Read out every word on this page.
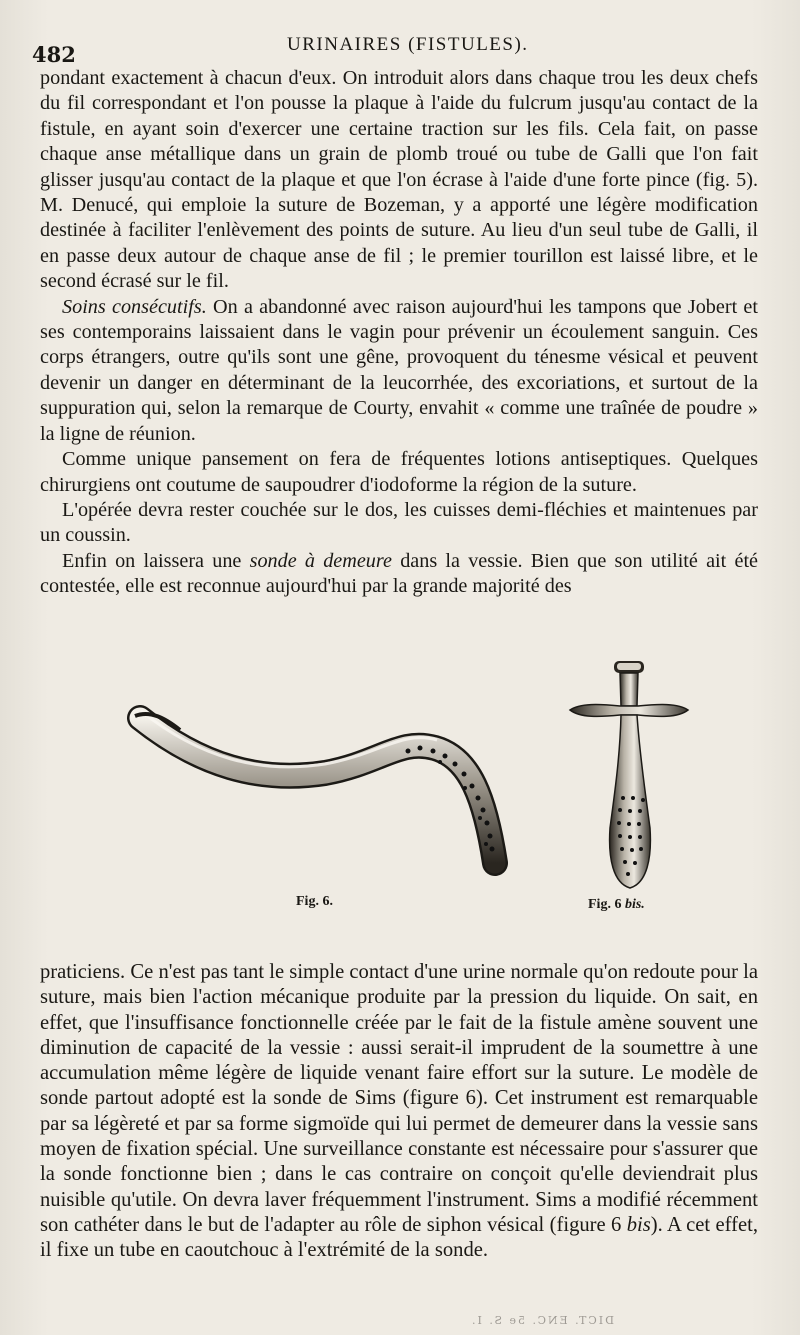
482	URINAIRES (FISTULES).

pondant exactement à chacun d'eux. On introduit alors dans chaque trou les deux chefs du fil correspondant et l'on pousse la plaque à l'aide du fulcrum jusqu'au contact de la fistule, en ayant soin d'exercer une certaine traction sur les fils. Cela fait, on passe chaque anse métallique dans un grain de plomb troué ou tube de Galli que l'on fait glisser jusqu'au contact de la plaque et que l'on écrase à l'aide d'une forte pince (fig. 5). M. Denucé, qui emploie la suture de Bozeman, y a apporté une légère modification destinée à faciliter l'enlèvement des points de suture. Au lieu d'un seul tube de Galli, il en passe deux autour de chaque anse de fil ; le premier tourillon est laissé libre, et le second écrasé sur le fil.

Soins consécutifs. On a abandonné avec raison aujourd'hui les tampons que Jobert et ses contemporains laissaient dans le vagin pour prévenir un écoulement sanguin. Ces corps étrangers, outre qu'ils sont une gêne, provoquent du ténesme vésical et peuvent devenir un danger en déterminant de la leucorrhée, des excoriations, et surtout de la suppuration qui, selon la remarque de Courty, envahit « comme une traînée de poudre » la ligne de réunion.

Comme unique pansement on fera de fréquentes lotions antiseptiques. Quelques chirurgiens ont coutume de saupoudrer d'iodoforme la région de la suture.

L'opérée devra rester couchée sur le dos, les cuisses demi-fléchies et maintenues par un coussin.

Enfin on laissera une sonde à demeure dans la vessie. Bien que son utilité ait été contestée, elle est reconnue aujourd'hui par la grande majorité des

Fig. 6.	Fig. 6 bis.

praticiens. Ce n'est pas tant le simple contact d'une urine normale qu'on redoute pour la suture, mais bien l'action mécanique produite par la pression du liquide. On sait, en effet, que l'insuffisance fonctionnelle créée par le fait de la fistule amène souvent une diminution de capacité de la vessie : aussi serait-il imprudent de la soumettre à une accumulation même légère de liquide venant faire effort sur la suture. Le modèle de sonde partout adopté est la sonde de Sims (figure 6). Cet instrument est remarquable par sa légèreté et par sa forme sigmoïde qui lui permet de demeurer dans la vessie sans moyen de fixation spécial. Une surveillance constante est nécessaire pour s'assurer que la sonde fonctionne bien ; dans le cas contraire on conçoit qu'elle deviendrait plus nuisible qu'utile. On devra laver fréquemment l'instrument. Sims a modifié récemment son cathéter dans le but de l'adapter au rôle de siphon vésical (figure 6 bis). A cet effet, il fixe un tube en caoutchouc à l'extrémité de la sonde.

DICT. ENC. 5e S. I.
